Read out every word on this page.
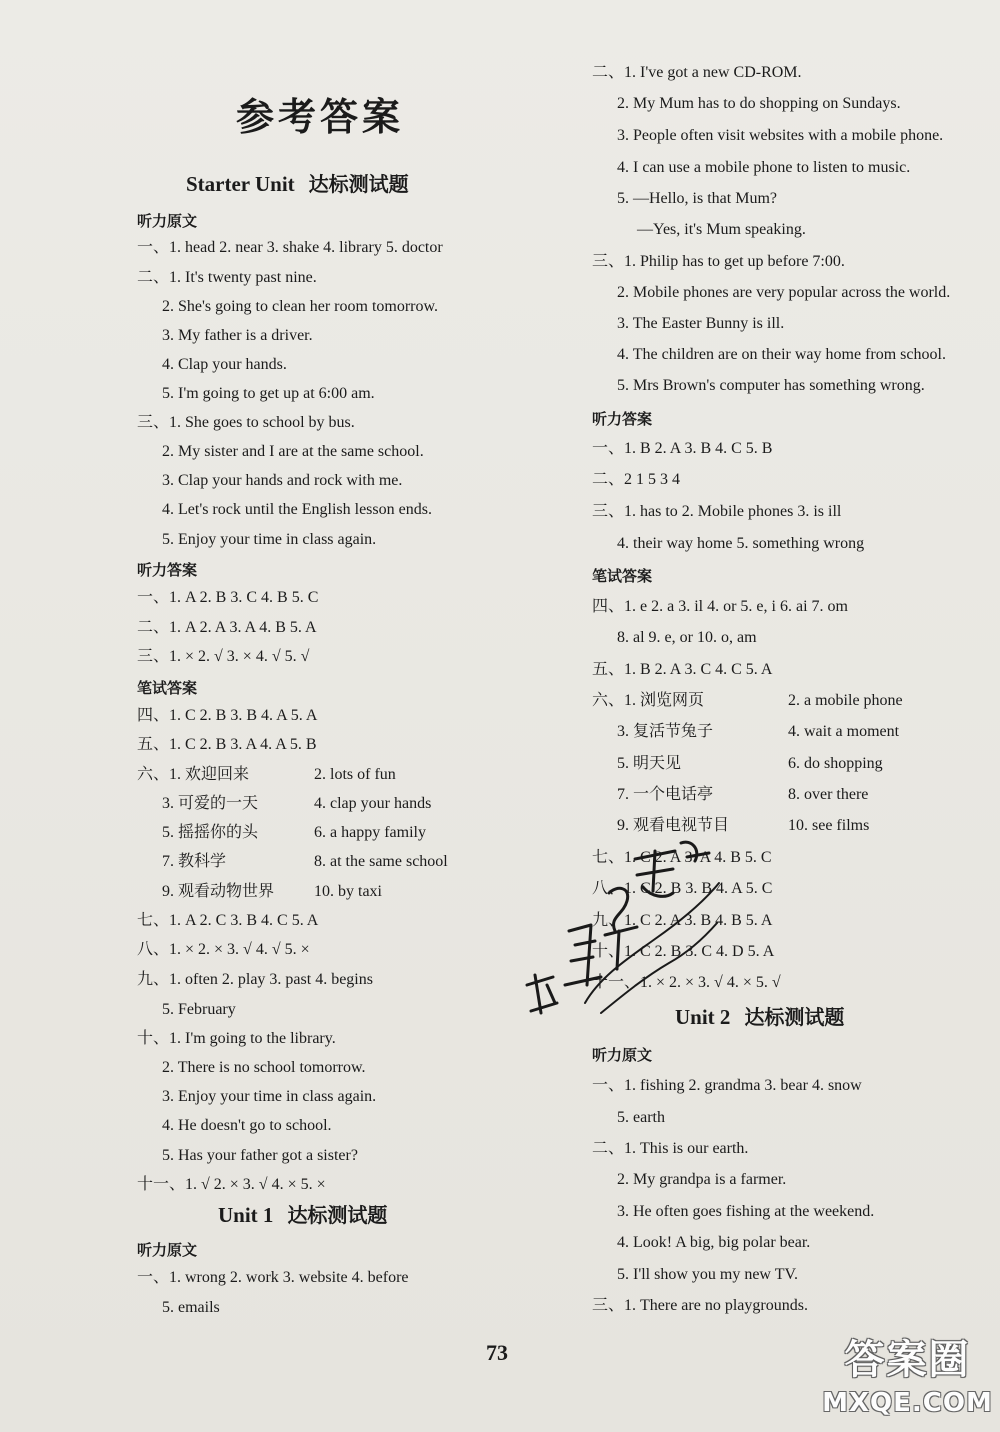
参考答案
Starter Unit 达标测试题
听力原文
一、1. head 2. near 3. shake 4. library 5. doctor
二、1. It's twenty past nine.
2. She's going to clean her room tomorrow.
3. My father is a driver.
4. Clap your hands.
5. I'm going to get up at 6:00 am.
三、1. She goes to school by bus.
2. My sister and I are at the same school.
3. Clap your hands and rock with me.
4. Let's rock until the English lesson ends.
5. Enjoy your time in class again.
听力答案
一、1. A 2. B 3. C 4. B 5. C
二、1. A 2. A 3. A 4. B 5. A
三、1. × 2. √ 3. × 4. √ 5. √
笔试答案
四、1. C 2. B 3. B 4. A 5. A
五、1. C 2. B 3. A 4. A 5. B
六、1. 欢迎回来	2. lots of fun
3. 可爱的一天	4. clap your hands
5. 摇摇你的头	6. a happy family
7. 教科学	8. at the same school
9. 观看动物世界 10. by taxi
七、1. A 2. C 3. B 4. C 5. A
八、1. × 2. × 3. √ 4. √ 5. ×
九、1. often 2. play 3. past 4. begins
5. February
十、1. I'm going to the library.
2. There is no school tomorrow.
3. Enjoy your time in class again.
4. He doesn't go to school.
5. Has your father got a sister?
十一、1. √ 2. × 3. √ 4. × 5. ×
Unit 1 达标测试题
听力原文
一、1. wrong 2. work 3. website 4. before
5. emails
二、1. I've got a new CD-ROM.
2. My Mum has to do shopping on Sundays.
3. People often visit websites with a mobile phone.
4. I can use a mobile phone to listen to music.
5. —Hello, is that Mum?
—Yes, it's Mum speaking.
三、1. Philip has to get up before 7:00.
2. Mobile phones are very popular across the world.
3. The Easter Bunny is ill.
4. The children are on their way home from school.
5. Mrs Brown's computer has something wrong.
听力答案
一、1. B 2. A 3. B 4. C 5. B
二、2 1 5 3 4
三、1. has to 2. Mobile phones 3. is ill
4. their way home 5. something wrong
笔试答案
四、1. e 2. a 3. il 4. or 5. e, i 6. ai 7. om
8. al 9. e, or 10. o, am
五、1. B 2. A 3. C 4. C 5. A
六、1. 浏览网页	2. a mobile phone
3. 复活节兔子	4. wait a moment
5. 明天见	6. do shopping
7. 一个电话亭	8. over there
9. 观看电视节目	10. see films
七、1. C 2. A 3. A 4. B 5. C
八、1. C 2. B 3. B 4. A 5. C
九、1. C 2. A 3. B 4. B 5. A
十、1. C 2. B 3. C 4. D 5. A
十一、1. × 2. × 3. √ 4. × 5. √
Unit 2 达标测试题
听力原文
一、1. fishing 2. grandma 3. bear 4. snow
5. earth
二、1. This is our earth.
2. My grandpa is a farmer.
3. He often goes fishing at the weekend.
4. Look! A big, big polar bear.
5. I'll show you my new TV.
三、1. There are no playgrounds.
73	答案圈
MXQE.COM
